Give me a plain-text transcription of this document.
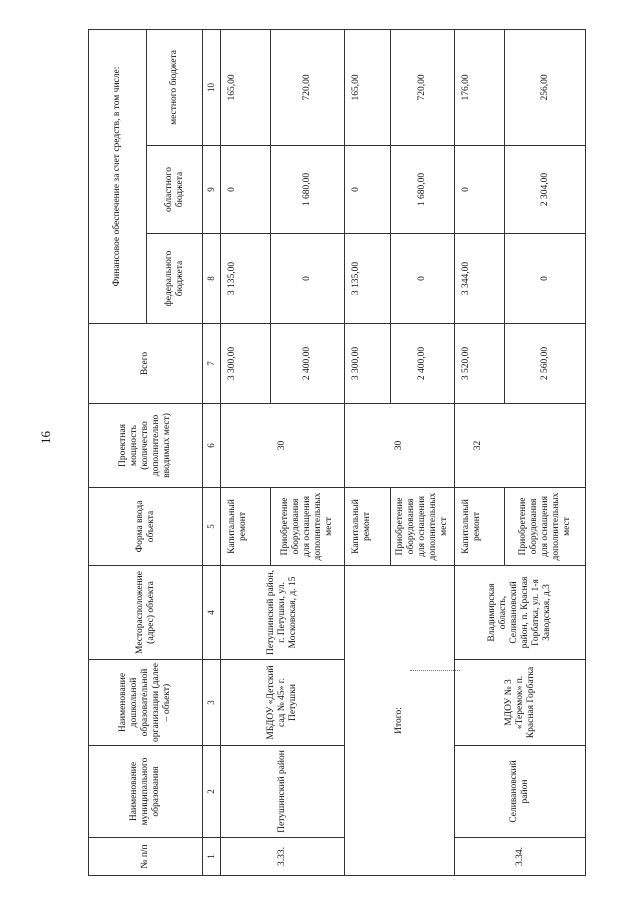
16
№ п/п	Наименование муниципального образования	Наименование дошкольной образовательной организации (далее – объект)	Месторасположение (адрес) объекта	Форма ввода объекта	Проектная мощность (количество дополнительно вводимых мест)	Всего	Финансовое обеспечение за счет средств, в том числе:		
							федерального бюджета	областного бюджета	местного бюджета
1	2	3	4	5	6	7	8	9	10
3.33.	Петушинский район	МБДОУ «Детский сад № 45» г. Петушки	Петушинский район, г. Петушки, ул. Московская, д. 15	Капитальный ремонт	30	3 300,00	3 135,00	0	165,00
				Приобретение оборудования для оснащения дополнительных мест		2 400,00	0	1 680,00	720,00
Итого:				Капитальный ремонт	30	3 300,00	3 135,00	0	165,00
				Приобретение оборудования для оснащения дополнительных мест		2 400,00	0	1 680,00	720,00
3.34.	Селивановский район	МДОУ № 3 «Теремок» п. Красная Горбатка	Владимирская область, Селивановский район, п. Красная Горбатка, ул. 1-я Заводская, д.3	Капитальный ремонт	32	3 520,00	3 344,00	0	176,00
				Приобретение оборудования для оснащения дополнительных мест		2 560,00	0	2 304,00	256,00
